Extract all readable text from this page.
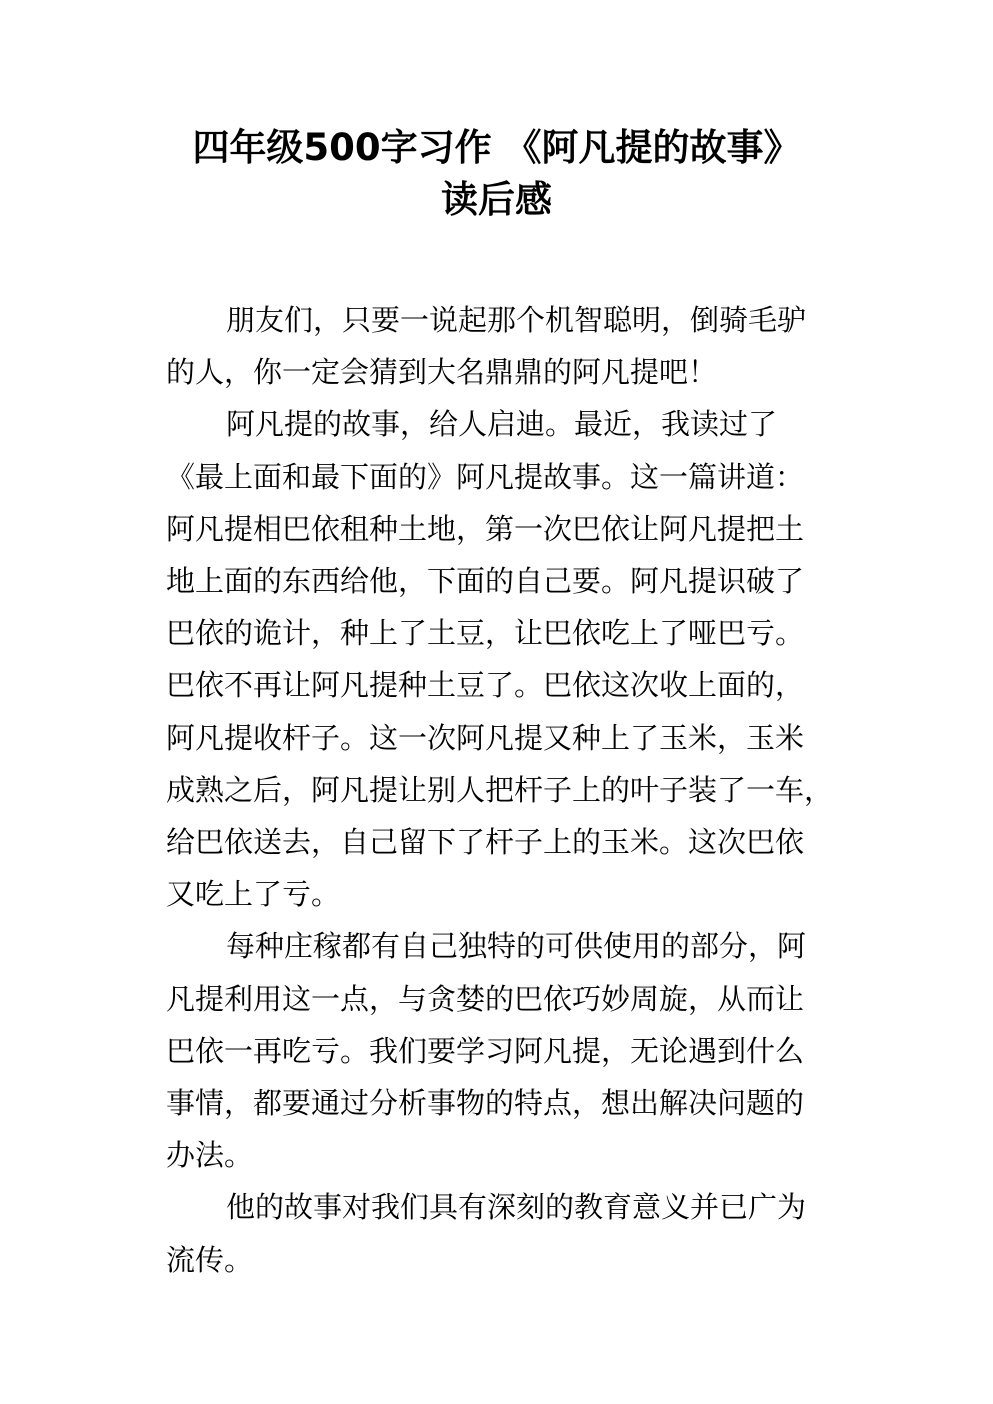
四年级500字习作 《阿凡提的故事》
读后感

朋友们，只要一说起那个机智聪明，倒骑毛驴
的人，你一定会猜到大名鼎鼎的阿凡提吧！

阿凡提的故事，给人启迪。最近，我读过了
《最上面和最下面的》阿凡提故事。这一篇讲道：
阿凡提相巴依租种土地，第一次巴依让阿凡提把土
地上面的东西给他，下面的自己要。阿凡提识破了
巴依的诡计，种上了土豆，让巴依吃上了哑巴亏。
巴依不再让阿凡提种土豆了。巴依这次收上面的，
阿凡提收杆子。这一次阿凡提又种上了玉米，玉米
成熟之后，阿凡提让别人把杆子上的叶子装了一车，
给巴依送去，自己留下了杆子上的玉米。这次巴依
又吃上了亏。

每种庄稼都有自己独特的可供使用的部分，阿
凡提利用这一点，与贪婪的巴依巧妙周旋，从而让
巴依一再吃亏。我们要学习阿凡提，无论遇到什么
事情，都要通过分析事物的特点，想出解决问题的
办法。

他的故事对我们具有深刻的教育意义并已广为
流传。
